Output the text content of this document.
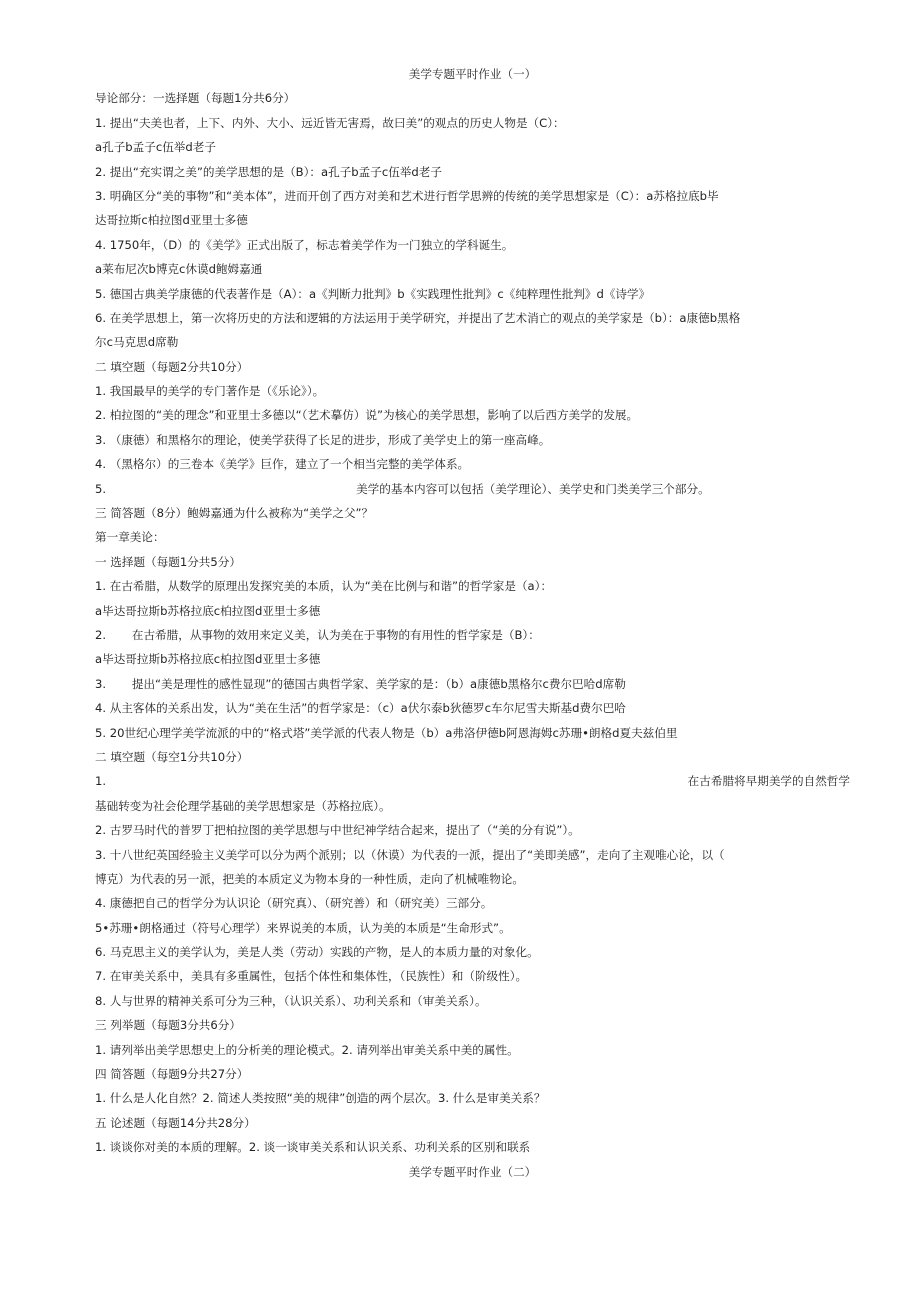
美学专题平时作业（一）
导论部分：一选择题（每题1分共6分）
1. 提出“夫美也者，上下、内外、大小、远近皆无害焉，故曰美”的观点的历史人物是（C）：
a孔子b孟子c伍举d老子
2. 提出“充实谓之美”的美学思想的是（B）：a孔子b孟子c伍举d老子
3. 明确区分“美的事物”和“美本体”，进而开创了西方对美和艺术进行哲学思辨的传统的美学思想家是（C）：a苏格拉底b毕
达哥拉斯c柏拉图d亚里士多德
4. 1750年，（D）的《美学》正式出版了，标志着美学作为一门独立的学科诞生。
a莱布尼次b博克c休谟d鲍姆嘉通
5. 德国古典美学康德的代表著作是（A）：a《判断力批判》b《实践理性批判》c《纯粹理性批判》d《诗学》
6. 在美学思想上，第一次将历史的方法和逻辑的方法运用于美学研究，并提出了艺术消亡的观点的美学家是（b）：a康德b黑格
尔c马克思d席勒
二 填空题（每题2分共10分）
1. 我国最早的美学的专门著作是（《乐论》）。
2. 柏拉图的“美的理念”和亚里士多德以“（艺术摹仿）说”为核心的美学思想，影响了以后西方美学的发展。
3. （康德）和黑格尔的理论，使美学获得了长足的进步，形成了美学史上的第一座高峰。
4. （黑格尔）的三卷本《美学》巨作，建立了一个相当完整的美学体系。
5.	美学的基本内容可以包括（美学理论）、美学史和门类美学三个部分。
三 简答题（8分）鲍姆嘉通为什么被称为“美学之父”？
第一章美论：
一 选择题（每题1分共5分）
1. 在古希腊，从数学的原理出发探究美的本质，认为“美在比例与和谐”的哲学家是（a）：
a毕达哥拉斯b苏格拉底c柏拉图d亚里士多德
2.       在古希腊，从事物的效用来定义美，认为美在于事物的有用性的哲学家是（B）：
a毕达哥拉斯b苏格拉底c柏拉图d亚里士多德
3.       提出“美是理性的感性显现”的德国古典哲学家、美学家的是：（b）a康德b黑格尔c费尔巴哈d席勒
4. 从主客体的关系出发，认为“美在生活”的哲学家是：（c）a伏尔泰b狄德罗c车尔尼雪夫斯基d费尔巴哈
5. 20世纪心理学美学流派的中的“格式塔”美学派的代表人物是（b）a弗洛伊德b阿恩海姆c苏珊•朗格d夏夫兹伯里
二 填空题（每空1分共10分）
1.	在古希腊将早期美学的自然哲学
基础转变为社会伦理学基础的美学思想家是（苏格拉底）。
2. 古罗马时代的普罗丁把柏拉图的美学思想与中世纪神学结合起来，提出了（“美的分有说”）。
3. 十八世纪英国经验主义美学可以分为两个派别；以（休谟）为代表的一派，提出了“美即美感”，走向了主观唯心论，以（
博克）为代表的另一派，把美的本质定义为物本身的一种性质，走向了机械唯物论。
4. 康德把自己的哲学分为认识论（研究真）、（研究善）和（研究美）三部分。
5•苏珊•朗格通过（符号心理学）来界说美的本质，认为美的本质是“生命形式”。
6. 马克思主义的美学认为，美是人类（劳动）实践的产物，是人的本质力量的对象化。
7. 在审美关系中，美具有多重属性，包括个体性和集体性，（民族性）和（阶级性）。
8. 人与世界的精神关系可分为三种，（认识关系）、功利关系和（审美关系）。
三 列举题（每题3分共6分）
1. 请列举出美学思想史上的分析美的理论模式。2. 请列举出审美关系中美的属性。
四 简答题（每题9分共27分）
1. 什么是人化自然？2. 简述人类按照“美的规律”创造的两个层次。3. 什么是审美关系？
五 论述题（每题14分共28分）
1. 谈谈你对美的本质的理解。2. 谈一谈审美关系和认识关系、功利关系的区别和联系
美学专题平时作业（二）
